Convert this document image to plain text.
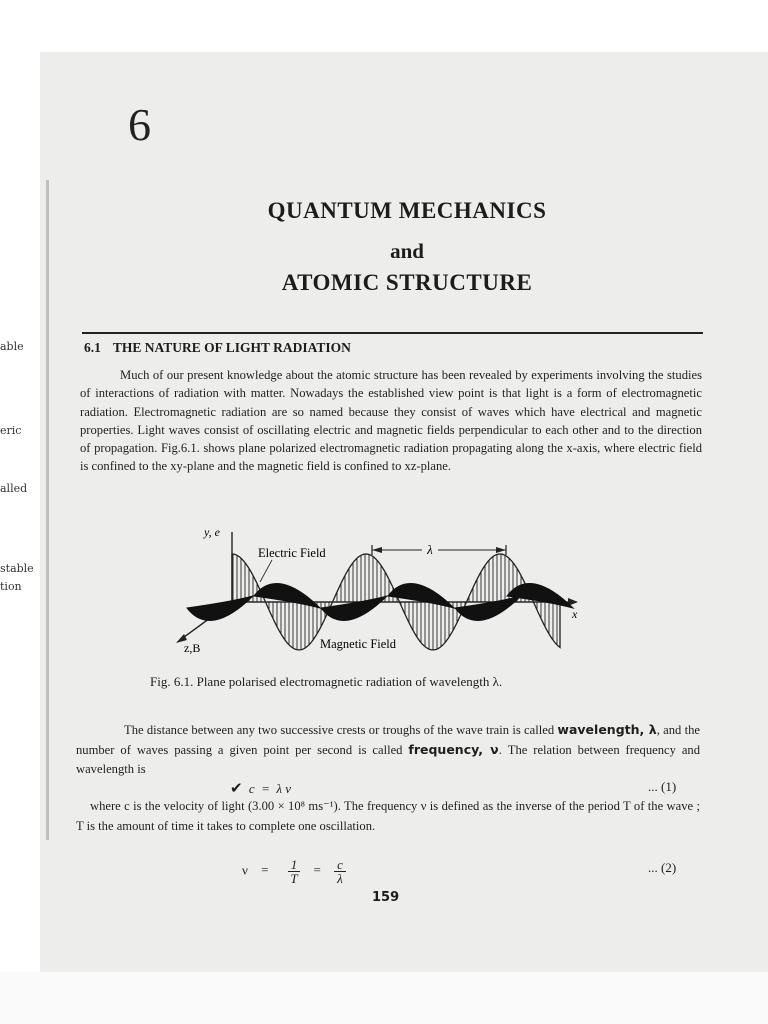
able
eric
alled
stable
tion
6
QUANTUM MECHANICS
and
ATOMIC STRUCTURE
6.1 THE NATURE OF LIGHT RADIATION
Much of our present knowledge about the atomic structure has been revealed by experiments involving the studies of interactions of radiation with matter. Nowadays the established view point is that light is a form of electromagnetic radiation. Electromagnetic radiation are so named because they consist of waves which have electrical and magnetic properties. Light waves consist of oscillating electric and magnetic fields perpendicular to each other and to the direction of propagation. Fig.6.1. shows plane polarized electromagnetic radiation propagating along the x-axis, where electric field is confined to the xy-plane and the magnetic field is confined to xz-plane.
λ
y, e
Electric Field
x
z,B	Magnetic Field
Fig. 6.1. Plane polarised electromagnetic radiation of wavelength λ.
The distance between any two successive crests or troughs of the wave train is called wavelength, λ, and the number of waves passing a given point per second is called frequency, ν. The relation between frequency and wavelength is
✔ c  =  λ ν	... (1)
where c is the velocity of light (3.00 × 10⁸ ms⁻¹). The frequency ν is defined as the inverse of the period T of the wave ; T is the amount of time it takes to complete one oscillation.
$\nu = \frac{1}{T} = \frac{c}{\lambda}$	... (2)
159
